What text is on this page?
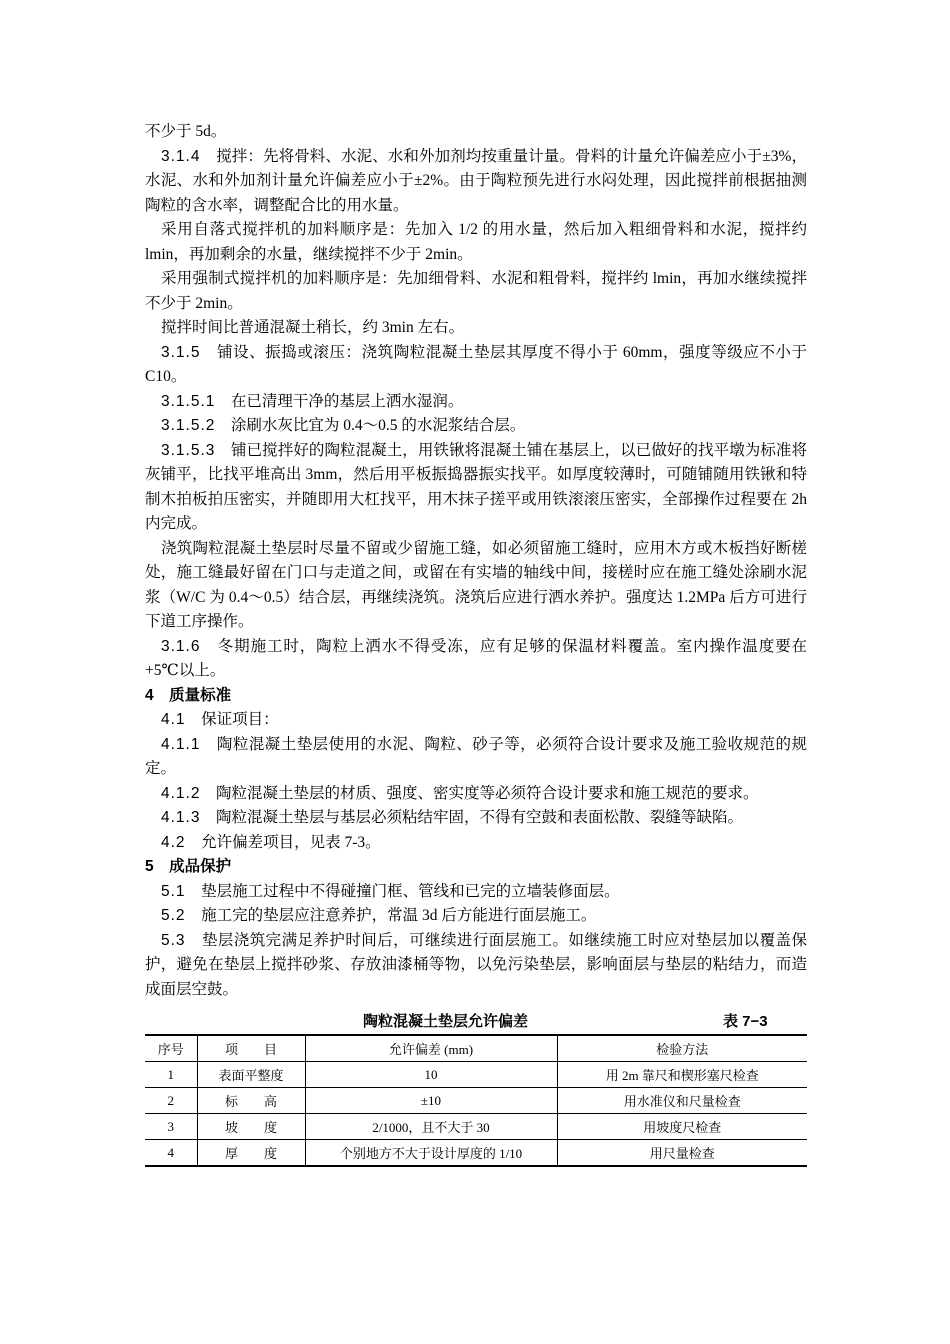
不少于 5d。

3.1.4　 搅拌：先将骨料、水泥、水和外加剂均按重量计量。骨料的计量允许偏差应小于±3%，水泥、水和外加剂计量允许偏差应小于±2%。由于陶粒预先进行水闷处理，因此搅拌前根据抽测陶粒的含水率，调整配合比的用水量。

采用自落式搅拌机的加料顺序是：先加入 1/2 的用水量，然后加入粗细骨料和水泥，搅拌约 lmin，再加剩余的水量，继续搅拌不少于 2min。

采用强制式搅拌机的加料顺序是：先加细骨料、水泥和粗骨料，搅拌约 lmin，再加水继续搅拌不少于 2min。

搅拌时间比普通混凝土稍长，约 3min 左右。

3.1.5　 铺设、振捣或滚压：浇筑陶粒混凝土垫层其厚度不得小于 60mm，强度等级应不小于 C10。

3.1.5.1　 在已清理干净的基层上洒水湿润。

3.1.5.2　 涂刷水灰比宜为 0.4～0.5 的水泥浆结合层。

3.1.5.3　 铺已搅拌好的陶粒混凝土，用铁锹将混凝土铺在基层上，以已做好的找平墩为标准将灰铺平，比找平堆高出 3mm，然后用平板振捣器振实找平。如厚度较薄时，可随铺随用铁锹和特制木拍板拍压密实，并随即用大杠找平，用木抹子搓平或用铁滚滚压密实，全部操作过程要在 2h 内完成。

浇筑陶粒混凝土垫层时尽量不留或少留施工缝，如必须留施工缝时，应用木方或木板挡好断槎处，施工缝最好留在门口与走道之间，或留在有实墙的轴线中间，接槎时应在施工缝处涂刷水泥浆（W/C 为 0.4～0.5）结合层，再继续浇筑。浇筑后应进行洒水养护。强度达 1.2MPa 后方可进行下道工序操作。

3.1.6　 冬期施工时，陶粒上洒水不得受冻，应有足够的保温材料覆盖。室内操作温度要在+5℃以上。

4　质量标准

4.1　 保证项目：

4.1.1　 陶粒混凝土垫层使用的水泥、陶粒、砂子等，必须符合设计要求及施工验收规范的规定。

4.1.2　 陶粒混凝土垫层的材质、强度、密实度等必须符合设计要求和施工规范的要求。

4.1.3　 陶粒混凝土垫层与基层必须粘结牢固，不得有空鼓和表面松散、裂缝等缺陷。

4.2　 允许偏差项目，见表 7-3。

5　成品保护

5.1　 垫层施工过程中不得碰撞门框、管线和已完的立墙装修面层。

5.2　 施工完的垫层应注意养护，常温 3d 后方能进行面层施工。

5.3　 垫层浇筑完满足养护时间后，可继续进行面层施工。如继续施工时应对垫层加以覆盖保护，避免在垫层上搅拌砂浆、存放油漆桶等物，以免污染垫层，影响面层与垫层的粘结力，而造成面层空鼓。

陶粒混凝土垫层允许偏差	表 7−3
序号	项　　目	允许偏差 (mm)	检验方法
1	表面平整度	10	用 2m 靠尺和楔形塞尺检查
2	标　　高	±10	用水准仪和尺量检查
3	坡　　度	2/1000，且不大于 30	用坡度尺检查
4	厚　　度	个别地方不大于设计厚度的 1/10	用尺量检查
